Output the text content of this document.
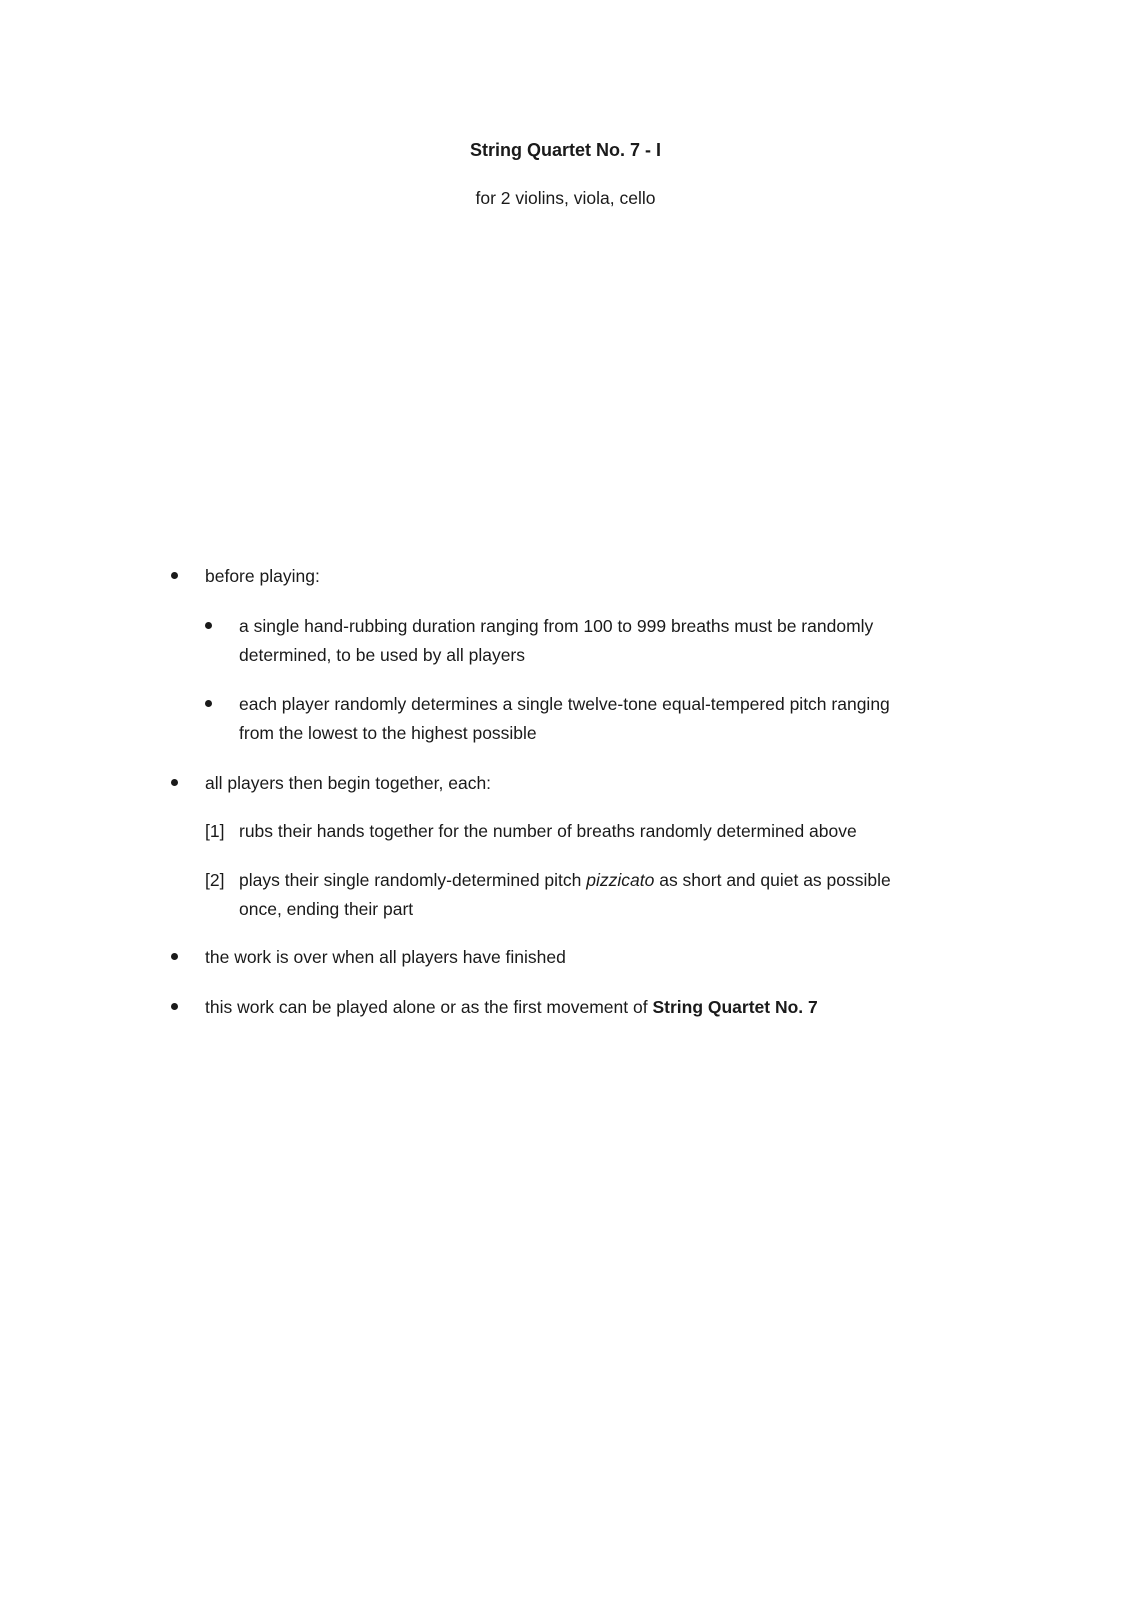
String Quartet No. 7 - I
for 2 violins, viola, cello
before playing:
a single hand-rubbing duration ranging from 100 to 999 breaths must be randomly
determined, to be used by all players
each player randomly determines a single twelve-tone equal-tempered pitch ranging
from the lowest to the highest possible
all players then begin together, each:
[1] rubs their hands together for the number of breaths randomly determined above
[2] plays their single randomly-determined pitch pizzicato as short and quiet as possible
once, ending their part
the work is over when all players have finished
this work can be played alone or as the first movement of String Quartet No. 7
